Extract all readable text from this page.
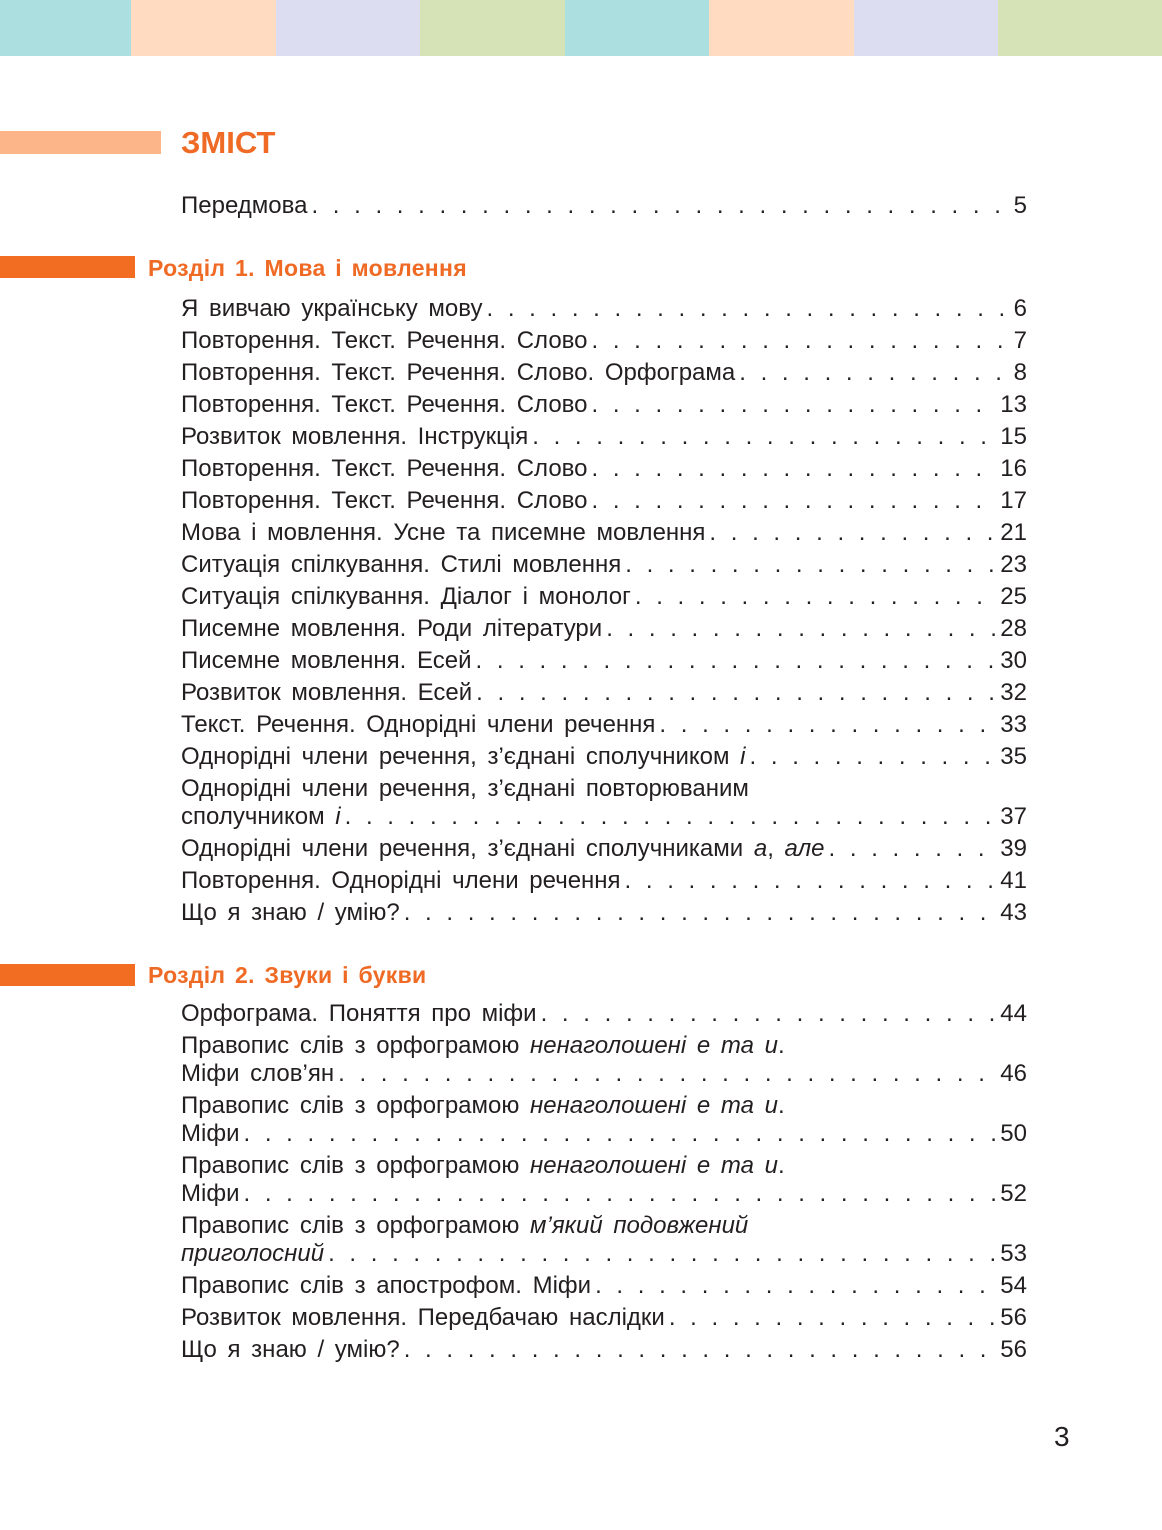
ЗМІСТ
Передмова . . .	5
Розділ 1. Мова і мовлення
Я вивчаю українську мову . . .	6
Повторення. Текст. Речення. Слово . . .	7
Повторення. Текст. Речення. Слово. Орфограма . . .	8
Повторення. Текст. Речення. Слово . . .	13
Розвиток мовлення. Інструкція . . .	15
Повторення. Текст. Речення. Слово . . .	16
Повторення. Текст. Речення. Слово . . .	17
Мова і мовлення. Усне та писемне мовлення . . .	21
Ситуація спілкування. Стилі мовлення . . .	23
Ситуація спілкування. Діалог і монолог . . .	25
Писемне мовлення. Роди літератури . . .	28
Писемне мовлення. Есей . . .	30
Розвиток мовлення. Есей . . .	32
Текст. Речення. Однорідні члени речення . . .	33
Однорідні члени речення, з’єднані сполучником і . . .	35
Однорідні члени речення, з’єднані повторюваним
сполучником і . . .	37
Однорідні члени речення, з’єднані сполучниками а, але . . .	39
Повторення. Однорідні члени речення . . .	41
Що я знаю / умію? . . .	43
Розділ 2. Звуки і букви
Орфограма. Поняття про міфи . . .	44
Правопис слів з орфограмою ненаголошені е та и.
Міфи слов’ян . . .	46
Правопис слів з орфограмою ненаголошені е та и.
Міфи . . .	50
Правопис слів з орфограмою ненаголошені е та и.
Міфи . . .	52
Правопис слів з орфограмою м’який подовжений
приголосний . . .	53
Правопис слів з апострофом. Міфи . . .	54
Розвиток мовлення. Передбачаю наслідки . . .	56
Що я знаю / умію? . . .	56
3
